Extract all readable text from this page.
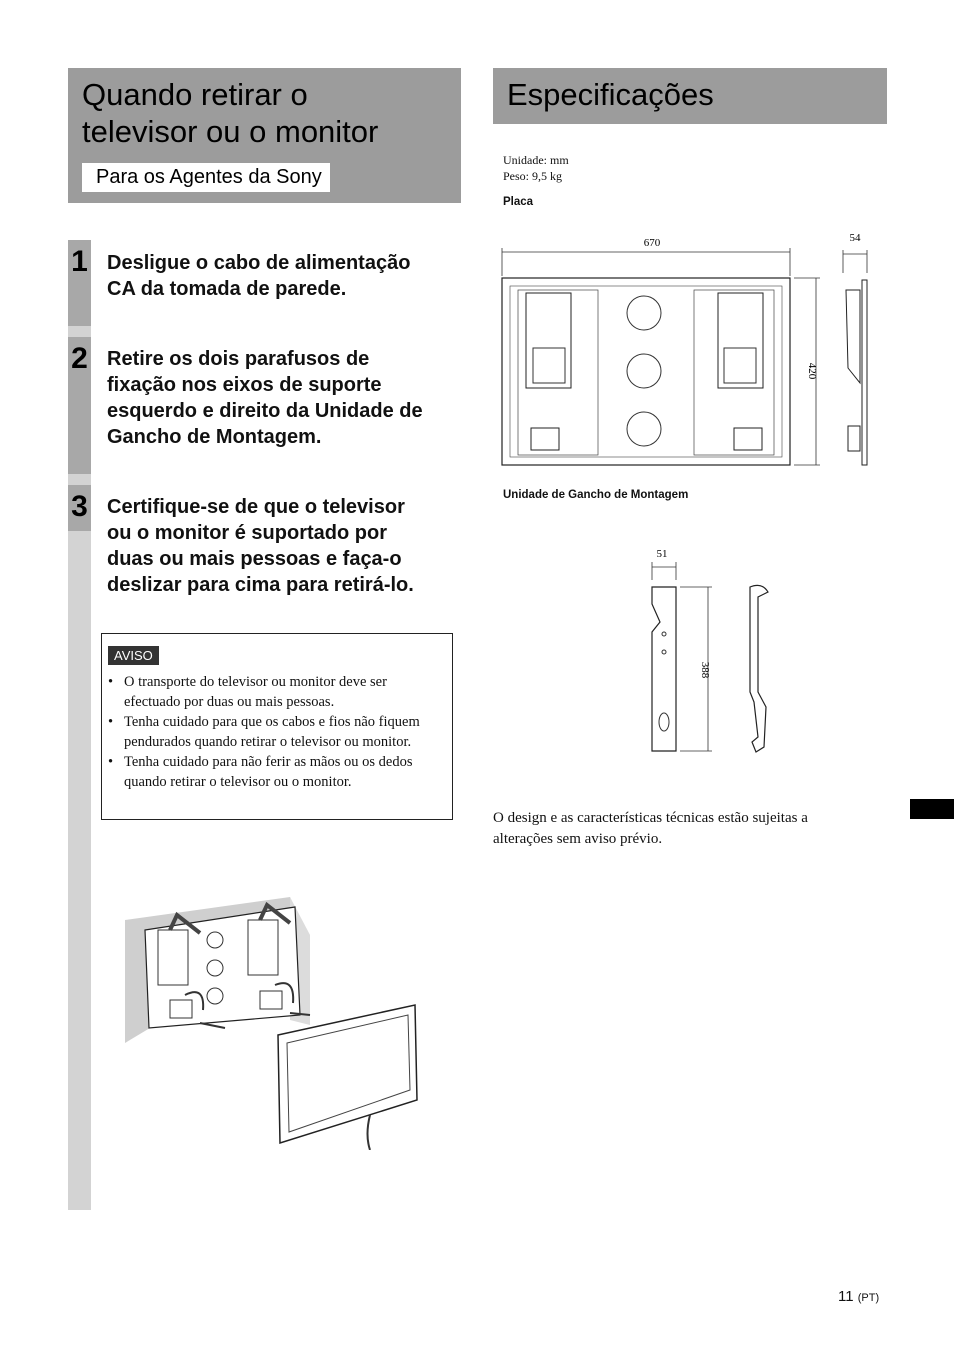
Quando retirar o
televisor ou o monitor
Para os Agentes da Sony
Especificações
1 Desligue o cabo de alimentação
CA da tomada de parede.
2 Retire os dois parafusos de
fixação nos eixos de suporte
esquerdo e direito da Unidade de
Gancho de Montagem.
3 Certifique-se de que o televisor
ou o monitor é suportado por
duas ou mais pessoas e faça-o
deslizar para cima para retirá-lo.
AVISO
• O transporte do televisor ou monitor deve ser efectuado por duas ou mais pessoas.
• Tenha cuidado para que os cabos e fios não fiquem pendurados quando retirar o televisor ou monitor.
• Tenha cuidado para não ferir as mãos ou os dedos quando retirar o televisor ou o monitor.
Unidade: mm
Peso: 9,5 kg
Placa
670
420
54
Unidade de Gancho de Montagem
51
388
O design e as características técnicas estão sujeitas a alterações sem aviso prévio.
11 (PT)
